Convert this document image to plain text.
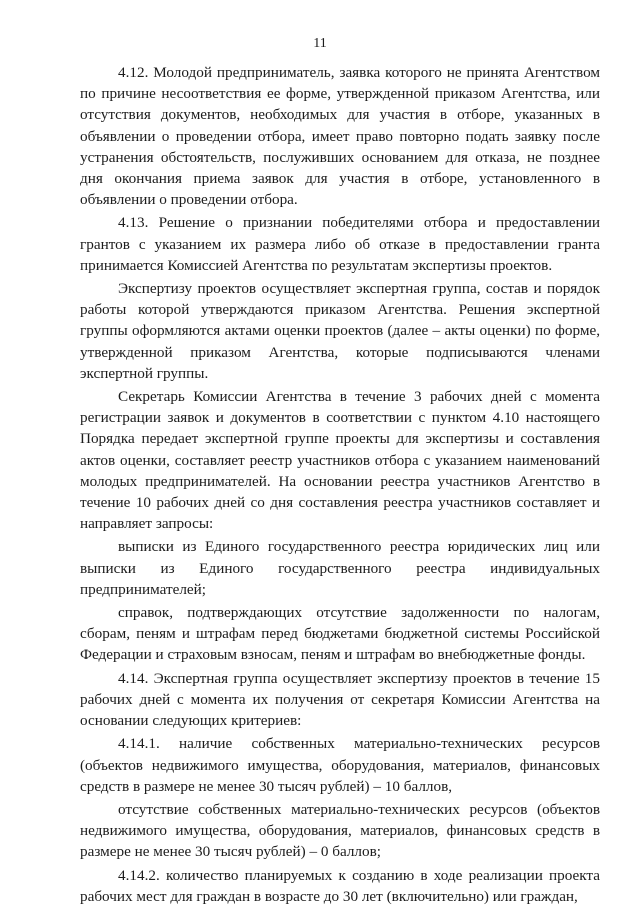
11

4.12. Молодой предприниматель, заявка которого не принята Агентством по причине несоответствия ее форме, утвержденной приказом Агентства, или отсутствия документов, необходимых для участия в отборе, указанных в объявлении о проведении отбора, имеет право повторно подать заявку после устранения обстоятельств, послуживших основанием для отказа, не позднее дня окончания приема заявок для участия в отборе, установленного в объявлении о проведении отбора.

4.13. Решение о признании победителями отбора и предоставлении грантов с указанием их размера либо об отказе в предоставлении гранта принимается Комиссией Агентства по результатам экспертизы проектов.

Экспертизу проектов осуществляет экспертная группа, состав и порядок работы которой утверждаются приказом Агентства. Решения экспертной группы оформляются актами оценки проектов (далее – акты оценки) по форме, утвержденной приказом Агентства, которые подписываются членами экспертной группы.

Секретарь Комиссии Агентства в течение 3 рабочих дней с момента регистрации заявок и документов в соответствии с пунктом 4.10 настоящего Порядка передает экспертной группе проекты для экспертизы и составления актов оценки, составляет реестр участников отбора с указанием наименований молодых предпринимателей. На основании реестра участников Агентство в течение 10 рабочих дней со дня составления реестра участников составляет и направляет запросы:

выписки из Единого государственного реестра юридических лиц или выписки из Единого государственного реестра индивидуальных предпринимателей;

справок, подтверждающих отсутствие задолженности по налогам, сборам, пеням и штрафам перед бюджетами бюджетной системы Российской Федерации и страховым взносам, пеням и штрафам во внебюджетные фонды.

4.14. Экспертная группа осуществляет экспертизу проектов в течение 15 рабочих дней с момента их получения от секретаря Комиссии Агентства на основании следующих критериев:

4.14.1. наличие собственных материально-технических ресурсов (объектов недвижимого имущества, оборудования, материалов, финансовых средств в размере не менее 30 тысяч рублей) – 10 баллов,

отсутствие собственных материально-технических ресурсов (объектов недвижимого имущества, оборудования, материалов, финансовых средств в размере не менее 30 тысяч рублей) – 0 баллов;

4.14.2. количество планируемых к созданию в ходе реализации проекта рабочих мест для граждан в возрасте до 30 лет (включительно) или граждан,
